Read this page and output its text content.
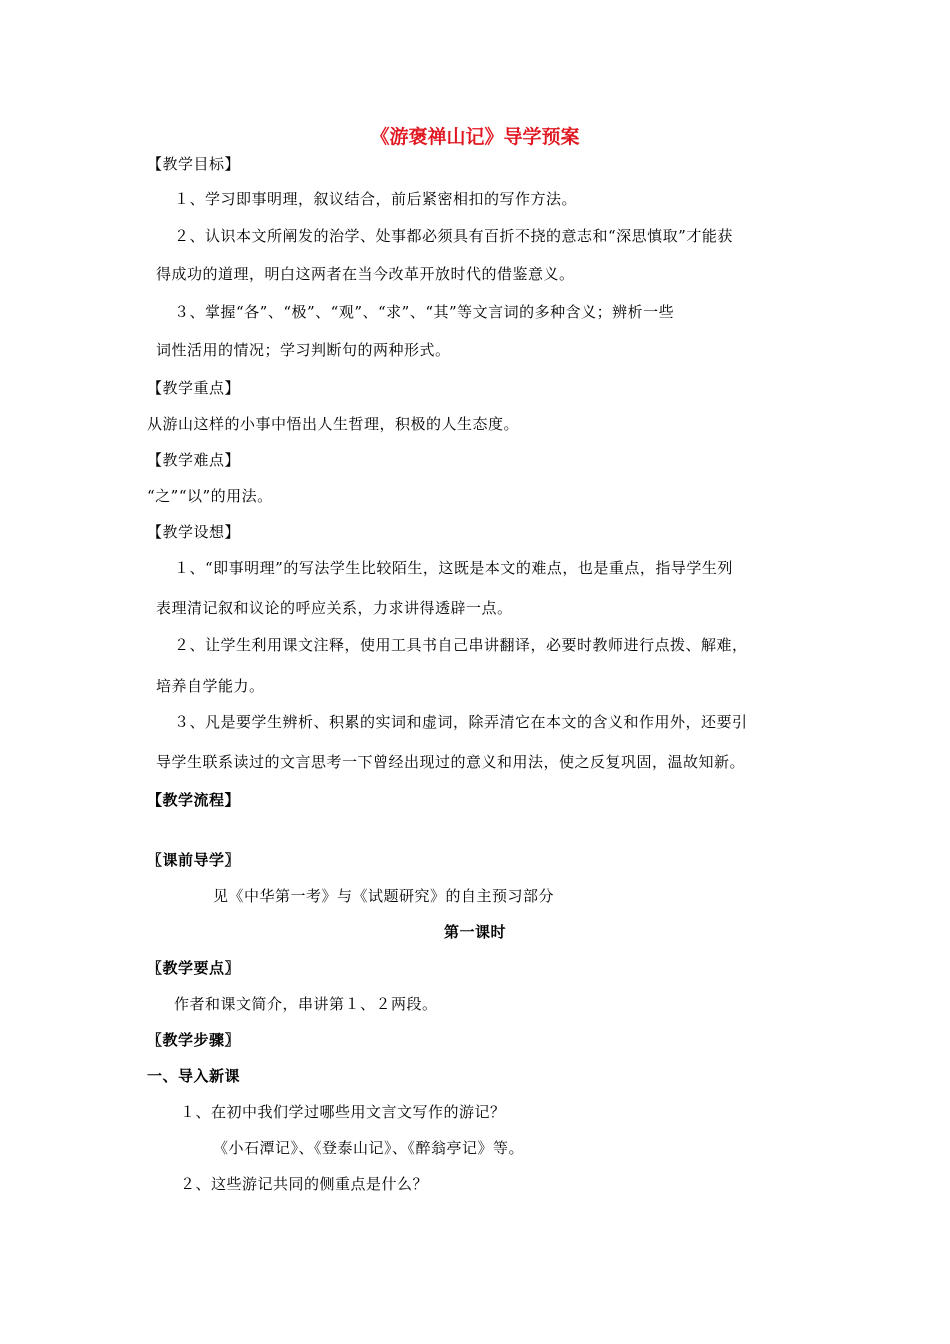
《游褒禅山记》导学预案
【教学目标】
１、学习即事明理，叙议结合，前后紧密相扣的写作方法。
２、认识本文所阐发的治学、处事都必须具有百折不挠的意志和“深思慎取”才能获
得成功的道理，明白这两者在当今改革开放时代的借鉴意义。
３、掌握“各”、“极”、“观”、“求”、“其”等文言词的多种含义；辨析一些
词性活用的情况；学习判断句的两种形式。
【教学重点】
从游山这样的小事中悟出人生哲理，积极的人生态度。
【教学难点】
“之”“以”的用法。
【教学设想】
１、“即事明理”的写法学生比较陌生，这既是本文的难点，也是重点，指导学生列
表理清记叙和议论的呼应关系，力求讲得透辟一点。
２、让学生利用课文注释，使用工具书自己串讲翻译，必要时教师进行点拨、解难，
培养自学能力。
３、凡是要学生辨析、积累的实词和虚词，除弄清它在本文的含义和作用外，还要引
导学生联系读过的文言思考一下曾经出现过的意义和用法，使之反复巩固，温故知新。
【教学流程】
〖课前导学〗
见《中华第一考》与《试题研究》的自主预习部分
第一课时
〖教学要点〗
作者和课文简介，串讲第１、２两段。
〖教学步骤〗
一、导入新课
１、在初中我们学过哪些用文言文写作的游记？
《小石潭记》、《登泰山记》、《醉翁亭记》等。
２、这些游记共同的侧重点是什么？
